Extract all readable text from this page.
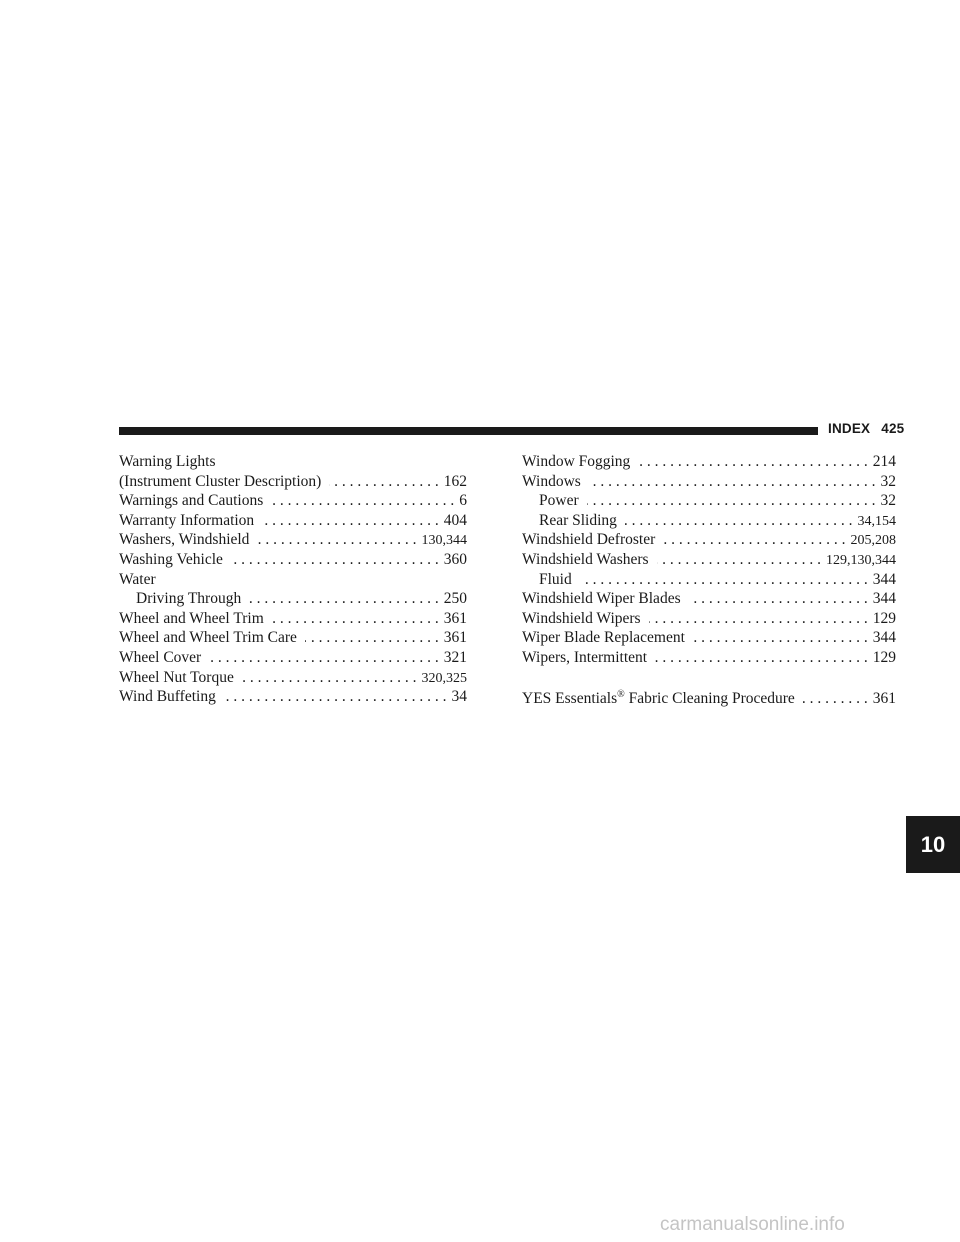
INDEX 425
Warning Lights
(Instrument Cluster Description) . . .	162
Warnings and Cautions . . .	6
Warranty Information . . .	404
Washers, Windshield . . .	130,344
Washing Vehicle . . .	360
Water
Driving Through . . .	250
Wheel and Wheel Trim . . .	361
Wheel and Wheel Trim Care . . .	361
Wheel Cover . . .	321
Wheel Nut Torque . . .	320,325
Wind Buffeting . . .	34
Window Fogging . . .	214
Windows . . .	32
Power . . .	32
Rear Sliding . . .	34,154
Windshield Defroster . . .	205,208
Windshield Washers . . .	129,130,344
Fluid . . .	344
Windshield Wiper Blades . . .	344
Windshield Wipers . . .	129
Wiper Blade Replacement . . .	344
Wipers, Intermittent . . .	129
YES Essentials® Fabric Cleaning Procedure . . .	361
10
carmanualsonline.info
